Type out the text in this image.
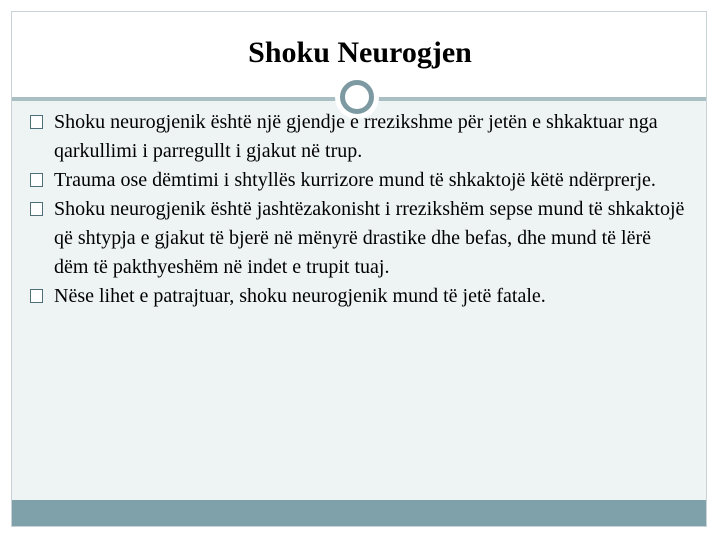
Shoku Neurogjen
Shoku neurogjenik është një gjendje e rrezikshme për jetën e shkaktuar nga qarkullimi i parregullt i gjakut në trup.
Trauma ose dëmtimi i shtyllës kurrizore mund të shkaktojë këtë ndërprerje.
Shoku neurogjenik është jashtëzakonisht i rrezikshëm sepse mund të shkaktojë që shtypja e gjakut të bjerë në mënyrë drastike dhe befas, dhe mund të lërë dëm të pakthyeshëm në indet e trupit tuaj.
Nëse lihet e patrajtuar, shoku neurogjenik mund të jetë fatale.
